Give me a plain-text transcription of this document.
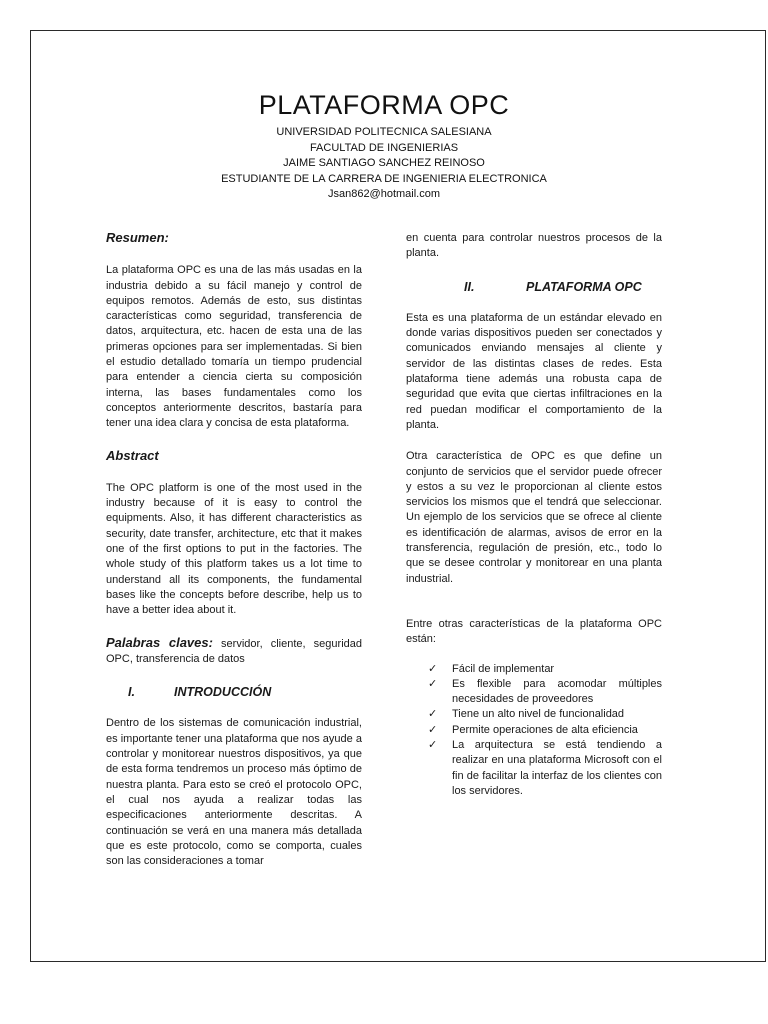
PLATAFORMA OPC

UNIVERSIDAD POLITECNICA SALESIANA

FACULTAD DE INGENIERIAS

JAIME SANTIAGO SANCHEZ REINOSO

ESTUDIANTE DE LA CARRERA DE INGENIERIA ELECTRONICA

Jsan862@hotmail.com

Resumen:

La plataforma OPC es una de las más usadas en la industria debido a su fácil manejo y control de equipos remotos. Además de esto, sus distintas características como seguridad, transferencia de datos, arquitectura, etc. hacen de esta una de las primeras opciones para ser implementadas. Si bien el estudio detallado tomaría un tiempo prudencial para entender a ciencia cierta su composición interna, las bases fundamentales como los conceptos anteriormente descritos, bastaría para tener una idea clara y concisa de esta plataforma.

Abstract

The OPC platform is one of the most used in the industry because of it is easy to control the equipments. Also, it has different characteristics as security, date transfer, architecture, etc that it makes one of the first options to put in the factories. The whole study of this platform takes us a lot time to understand all its components, the fundamental bases like the concepts before describe, help us to have a better idea about it.

Palabras claves: servidor, cliente, seguridad OPC, transferencia de datos

I.	INTRODUCCIÓN

Dentro de los sistemas de comunicación industrial, es importante tener una plataforma que nos ayude a controlar y monitorear nuestros dispositivos, ya que de esta forma tendremos un proceso más óptimo de nuestra planta. Para esto se creó el protocolo OPC, el cual nos ayuda a realizar todas las especificaciones anteriormente descritas. A continuación se verá en una manera más detallada que es este protocolo, como se comporta, cuales son las consideraciones a tomar

en cuenta para controlar nuestros procesos de la planta.

II.	PLATAFORMA OPC

Esta es una plataforma de un estándar elevado en donde varias dispositivos pueden ser conectados y comunicados enviando mensajes al cliente y servidor de las distintas clases de redes. Esta plataforma tiene además una robusta capa de seguridad que evita que ciertas infiltraciones en la red puedan modificar el comportamiento de la planta.

Otra característica de OPC es que define un conjunto de servicios que el servidor puede ofrecer y estos a su vez le proporcionan al cliente estos servicios los mismos que el tendrá que seleccionar. Un ejemplo de los servicios que se ofrece al cliente es identificación de alarmas, avisos de error en la transferencia, regulación de presión, etc., todo lo que se desee controlar y monitorear en una planta industrial.

Entre otras características de la plataforma OPC están:

✓	Fácil de implementar
✓	Es flexible para acomodar múltiples necesidades de proveedores
✓	Tiene un alto nivel de funcionalidad
✓	Permite operaciones de alta eficiencia
✓	La arquitectura se está tendiendo a realizar en una plataforma Microsoft con el fin de facilitar la interfaz de los clientes con los servidores.
